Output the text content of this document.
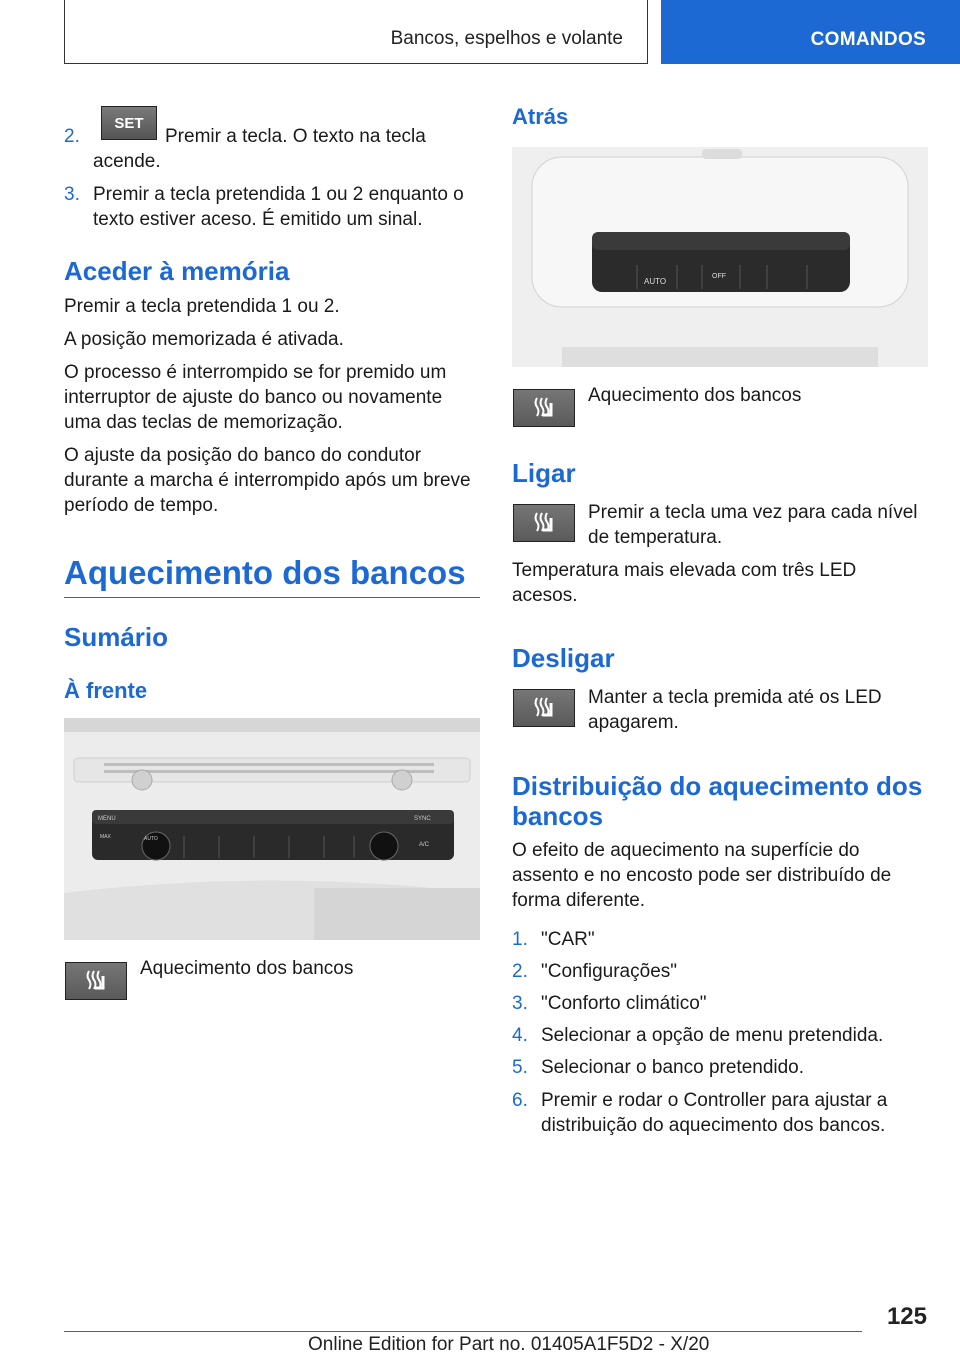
Bancos, espelhos e volante	COMANDOS
2.
SET
Premir a tecla. O texto na tecla acende.
3. Premir a tecla pretendida 1 ou 2 enquanto o texto estiver aceso. É emitido um sinal.
Aceder à memória

Premir a tecla pretendida 1 ou 2.

A posição memorizada é ativada.

O processo é interrompido se for premido um interruptor de ajuste do banco ou novamente uma das teclas de memorização.

O ajuste da posição do banco do condutor durante a marcha é interrompido após um breve período de tempo.

Aquecimento dos bancos
Sumário
À frente
MENU
AUTO
MAX
SYNC
A/C
Aquecimento dos bancos
Atrás
AUTO
OFF
Aquecimento dos bancos
Ligar
Premir a tecla uma vez para cada nível de temperatura.
Temperatura mais elevada com três LED acesos.
Desligar
Manter a tecla premida até os LED apagarem.
Distribuição do aquecimento dos bancos
O efeito de aquecimento na superfície do assento e no encosto pode ser distribuído de forma diferente.
1. "CAR"
2. "Configurações"
3. "Conforto climático"
4. Selecionar a opção de menu pretendida.
5. Selecionar o banco pretendido.
6. Premir e rodar o Controller para ajustar a distribuição do aquecimento dos bancos.
125
Online Edition for Part no. 01405A1F5D2 - X/20
